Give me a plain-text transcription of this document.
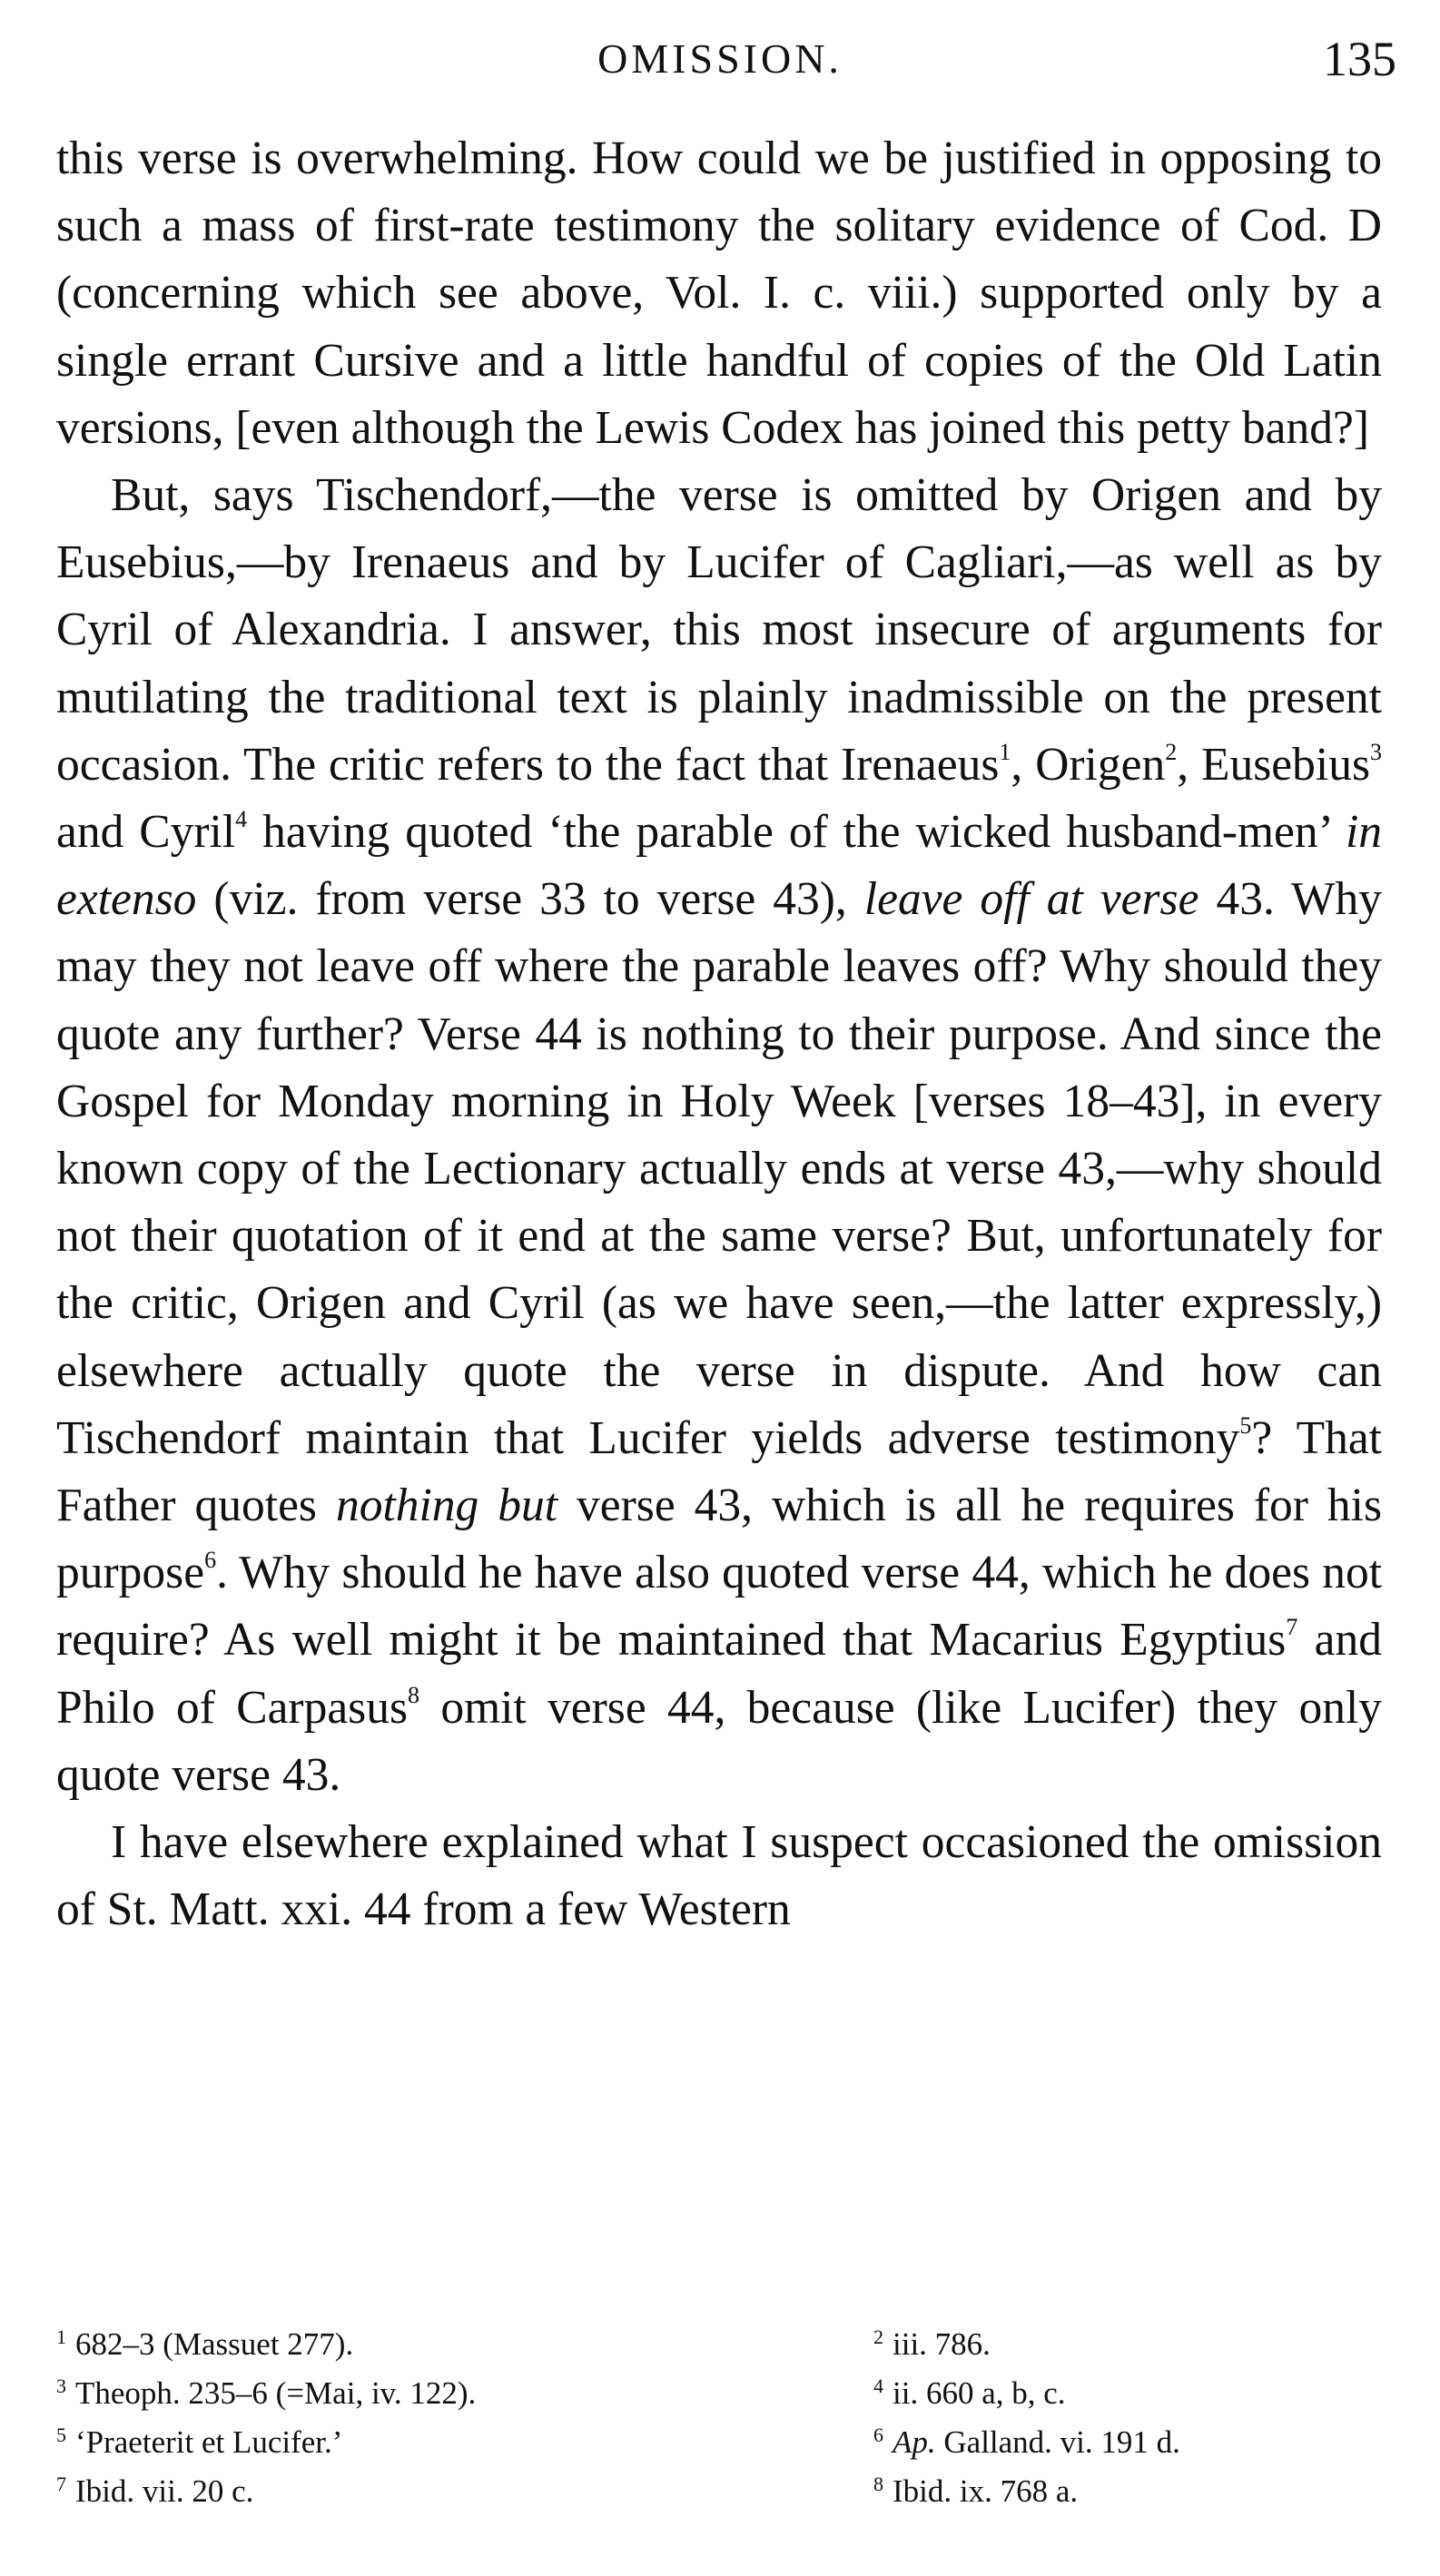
OMISSION.	135

this verse is overwhelming. How could we be justified in opposing to such a mass of first-rate testimony the solitary evidence of Cod. D (concerning which see above, Vol. I. c. viii.) supported only by a single errant Cursive and a little handful of copies of the Old Latin versions, [even although the Lewis Codex has joined this petty band?]

But, says Tischendorf,—the verse is omitted by Origen and by Eusebius,—by Irenaeus and by Lucifer of Cagliari,—as well as by Cyril of Alexandria. I answer, this most insecure of arguments for mutilating the traditional text is plainly inadmissible on the present occasion. The critic refers to the fact that Irenaeus$^1$, Origen$^2$, Eusebius$^3$ and Cyril$^4$ having quoted ‘the parable of the wicked husband-men’ in extenso (viz. from verse 33 to verse 43), leave off at verse 43. Why may they not leave off where the parable leaves off? Why should they quote any further? Verse 44 is nothing to their purpose. And since the Gospel for Monday morning in Holy Week [verses 18–43], in every known copy of the Lectionary actually ends at verse 43,—why should not their quotation of it end at the same verse? But, unfortunately for the critic, Origen and Cyril (as we have seen,—the latter expressly,) elsewhere actually quote the verse in dispute. And how can Tischendorf maintain that Lucifer yields adverse testimony$^5$? That Father quotes nothing but verse 43, which is all he requires for his purpose$^6$. Why should he have also quoted verse 44, which he does not require? As well might it be maintained that Macarius Egyptius$^7$ and Philo of Carpasus$^8$ omit verse 44, because (like Lucifer) they only quote verse 43.

I have elsewhere explained what I suspect occasioned the omission of St. Matt. xxi. 44 from a few Western

$^1$ 682–3 (Massuet 277).	$^2$ iii. 786.
$^3$ Theoph. 235–6 (=Mai, iv. 122).	$^4$ ii. 660 a, b, c.
$^5$ ‘Praeterit et Lucifer.’	$^6$ Ap. Galland. vi. 191 d.
$^7$ Ibid. vii. 20 c.	$^8$ Ibid. ix. 768 a.
